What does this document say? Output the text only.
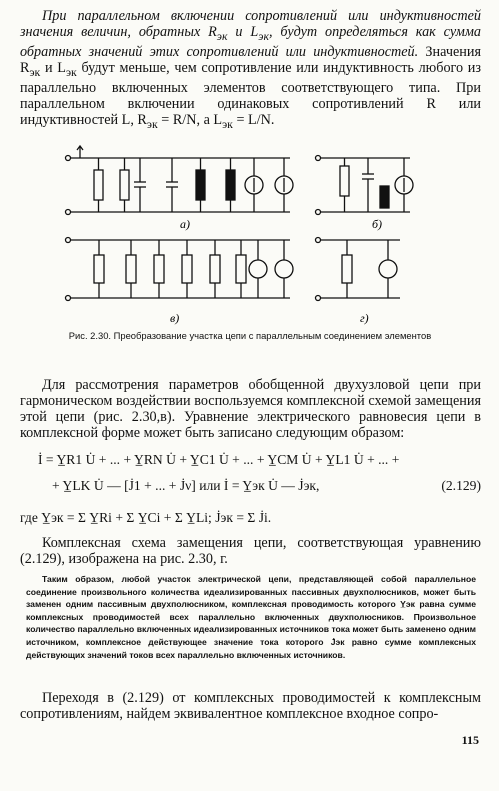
При параллельном включении сопротивлений или индуктивностей значения величин, обратных $R_{эк}$ и $L_{эк}$, будут определяться как сумма обратных значений этих сопротивлений или индуктивностей. Значения $R_{эк}$ и $L_{эк}$ будут меньше, чем сопротивление или индуктивность любого из параллельно включенных элементов соответствующего типа. При параллельном включении одинаковых сопротивлений R или индуктивностей L, $R_{эк} = R/N$, а $L_{эк} = L/N$.

а)	б)
в)	г)
Рис. 2.30. Преобразование участка цепи с параллельным соединением элементов

Для рассмотрения параметров обобщенной двухузловой цепи при гармоническом воздействии воспользуемся комплексной схемой замещения этой цепи (рис. 2.30,в). Уравнение электрического равновесия цепи в комплексной форме может быть записано следующим образом:

İ = Y̲R1 U̇ + ... + Y̲RN U̇ + Y̲C1 U̇ + ... + Y̲CM U̇ + Y̲L1 U̇ + ... +
+ Y̲LK U̇ — [J̇1 + ... + J̇ν] или İ = Y̲эк U̇ — J̇эк,	(2.129)
где Y̲эк = Σ Y̲Ri + Σ Y̲Ci + Σ Y̲Li; J̇эк = Σ J̇i.

Комплексная схема замещения цепи, соответствующая уравнению (2.129), изображена на рис. 2.30, г.

Таким образом, любой участок электрической цепи, представляющей собой параллельное соединение произвольного количества идеализированных пассивных двухполюсников, может быть заменен одним пассивным двухполюсником, комплексная проводимость которого Y̲эк равна сумме комплексных проводимостей всех параллельно включенных двухполюсников. Произвольное количество параллельно включенных идеализированных источников тока может быть заменено одним источником, комплексное действующее значение тока которого J̇эк равно сумме комплексных действующих значений токов всех параллельно включенных источников.

Переходя в (2.129) от комплексных проводимостей к комплексным сопротивлениям, найдем эквивалентное комплексное входное сопро-

115
